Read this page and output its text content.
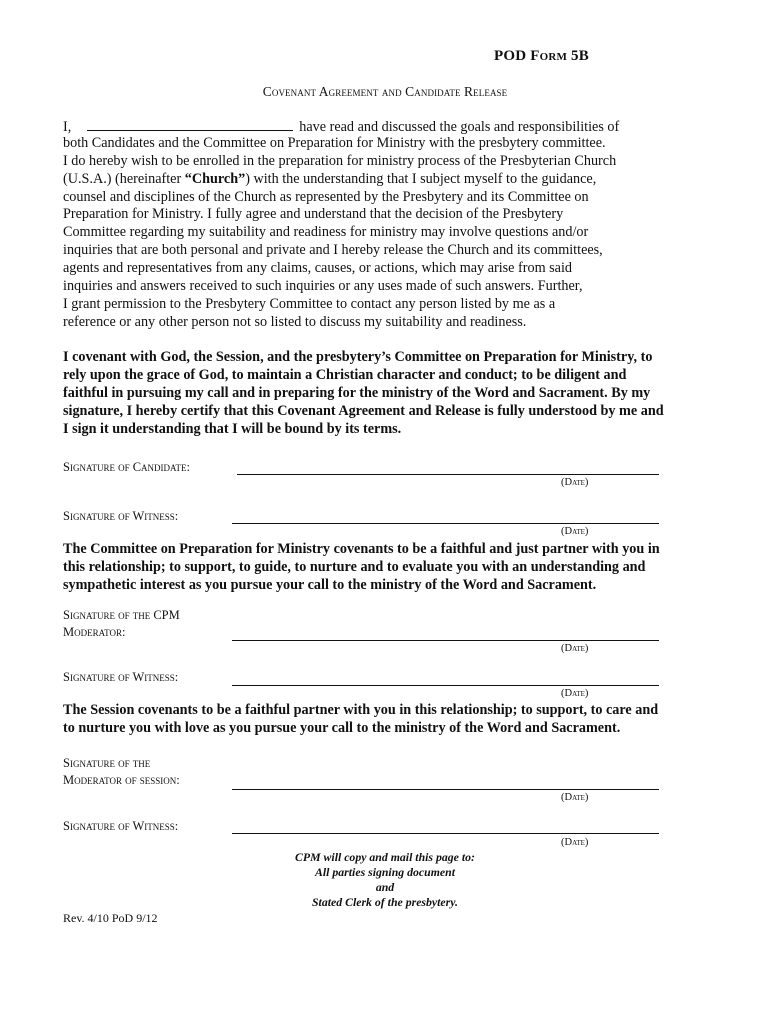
POD Form 5B
Covenant Agreement and Candidate Release
I,	have read and discussed the goals and responsibilities of
both Candidates and the Committee on Preparation for Ministry with the presbytery committee.
I do hereby wish to be enrolled in the preparation for ministry process of the Presbyterian Church
(U.S.A.) (hereinafter “Church”) with the understanding that I subject myself to the guidance,
counsel and disciplines of the Church as represented by the Presbytery and its Committee on
Preparation for Ministry. I fully agree and understand that the decision of the Presbytery
Committee regarding my suitability and readiness for ministry may involve questions and/or
inquiries that are both personal and private and I hereby release the Church and its committees,
agents and representatives from any claims, causes, or actions, which may arise from said
inquiries and answers received to such inquiries or any uses made of such answers. Further,
I grant permission to the Presbytery Committee to contact any person listed by me as a
reference or any other person not so listed to discuss my suitability and readiness.
I covenant with God, the Session, and the presbytery’s Committee on Preparation for Ministry, to
rely upon the grace of God, to maintain a Christian character and conduct; to be diligent and
faithful in pursuing my call and in preparing for the ministry of the Word and Sacrament. By my
signature, I hereby certify that this Covenant Agreement and Release is fully understood by me and
I sign it understanding that I will be bound by its terms.
Signature of Candidate:
(Date)
Signature of Witness:
(Date)
The Committee on Preparation for Ministry covenants to be a faithful and just partner with you in
this relationship; to support, to guide, to nurture and to evaluate you with an understanding and
sympathetic interest as you pursue your call to the ministry of the Word and Sacrament.
Signature of the CPM
Moderator:
(Date)
Signature of Witness:
(Date)
The Session covenants to be a faithful partner with you in this relationship; to support, to care and
to nurture you with love as you pursue your call to the ministry of the Word and Sacrament.
Signature of the
Moderator of session:
(Date)
Signature of Witness:
(Date)
CPM will copy and mail this page to:
All parties signing document
and
Stated Clerk of the presbytery.
Rev. 4/10 PoD 9/12
